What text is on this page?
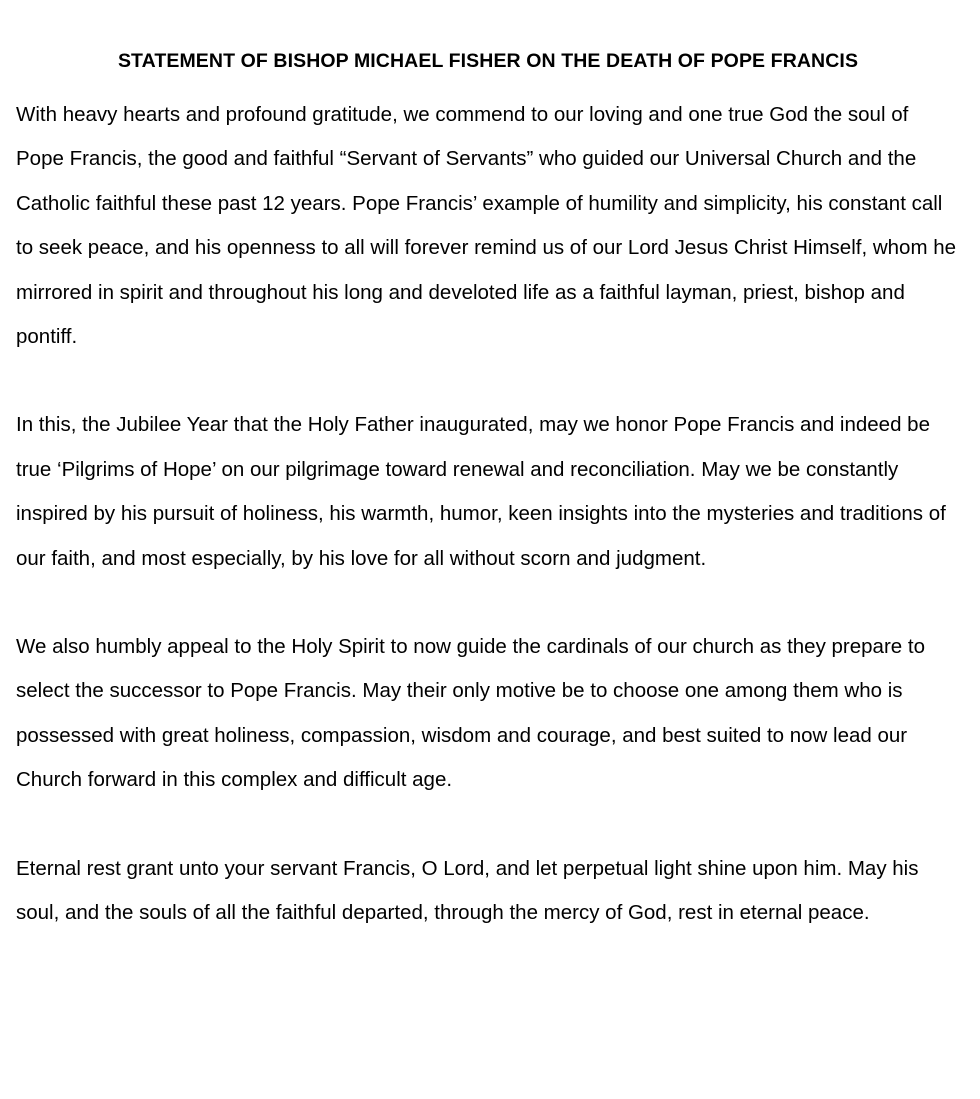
STATEMENT OF BISHOP MICHAEL FISHER ON THE DEATH OF POPE FRANCIS

With heavy hearts and profound gratitude, we commend to our loving and one true God the soul of Pope Francis, the good and faithful “Servant of Servants” who guided our Universal Church and the Catholic faithful these past 12 years. Pope Francis’ example of humility and simplicity, his constant call to seek peace, and his openness to all will forever remind us of our Lord Jesus Christ Himself, whom he mirrored in spirit and throughout his long and develoted life as a faithful layman, priest, bishop and pontiff.

In this, the Jubilee Year that the Holy Father inaugurated, may we honor Pope Francis and indeed be true ‘Pilgrims of Hope’ on our pilgrimage toward renewal and reconciliation. May we be constantly inspired by his pursuit of holiness, his warmth, humor, keen insights into the mysteries and traditions of our faith, and most especially, by his love for all without scorn and judgment.

We also humbly appeal to the Holy Spirit to now guide the cardinals of our church as they prepare to select the successor to Pope Francis. May their only motive be to choose one among them who is possessed with great holiness, compassion, wisdom and courage, and best suited to now lead our Church forward in this complex and difficult age.

Eternal rest grant unto your servant Francis, O Lord, and let perpetual light shine upon him. May his soul, and the souls of all the faithful departed, through the mercy of God, rest in eternal peace.
